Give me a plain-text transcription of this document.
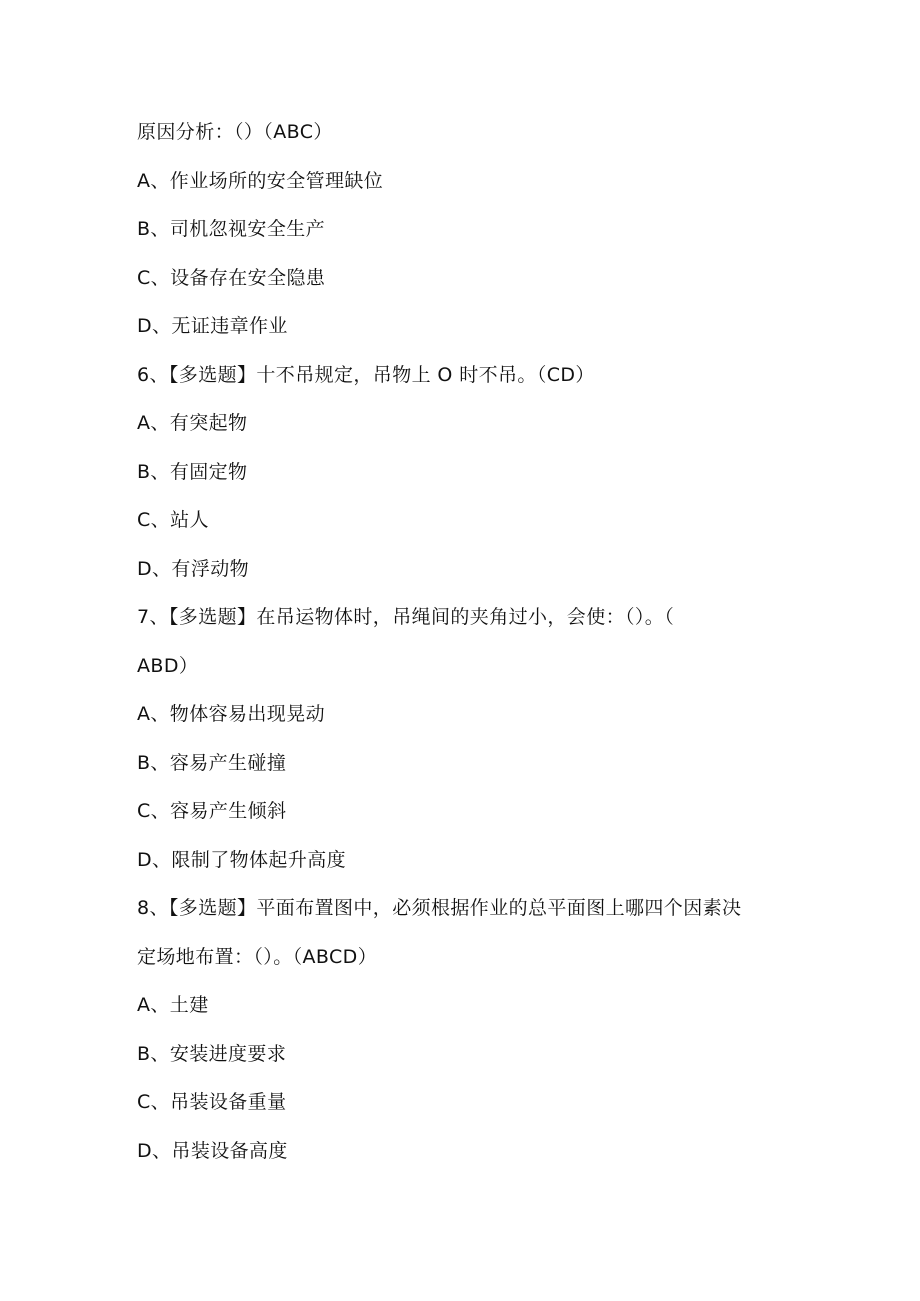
原因分析：（）（ABC）
A、作业场所的安全管理缺位
B、司机忽视安全生产
C、设备存在安全隐患
D、无证违章作业
6、【多选题】十不吊规定，吊物上 O 时不吊。（CD）
A、有突起物
B、有固定物
C、站人
D、有浮动物
7、【多选题】在吊运物体时，吊绳间的夹角过小，会使：（）。（
ABD）
A、物体容易出现晃动
B、容易产生碰撞
C、容易产生倾斜
D、限制了物体起升高度
8、【多选题】平面布置图中，必须根据作业的总平面图上哪四个因素决
定场地布置：（）。（ABCD）
A、土建
B、安装进度要求
C、吊装设备重量
D、吊装设备高度
